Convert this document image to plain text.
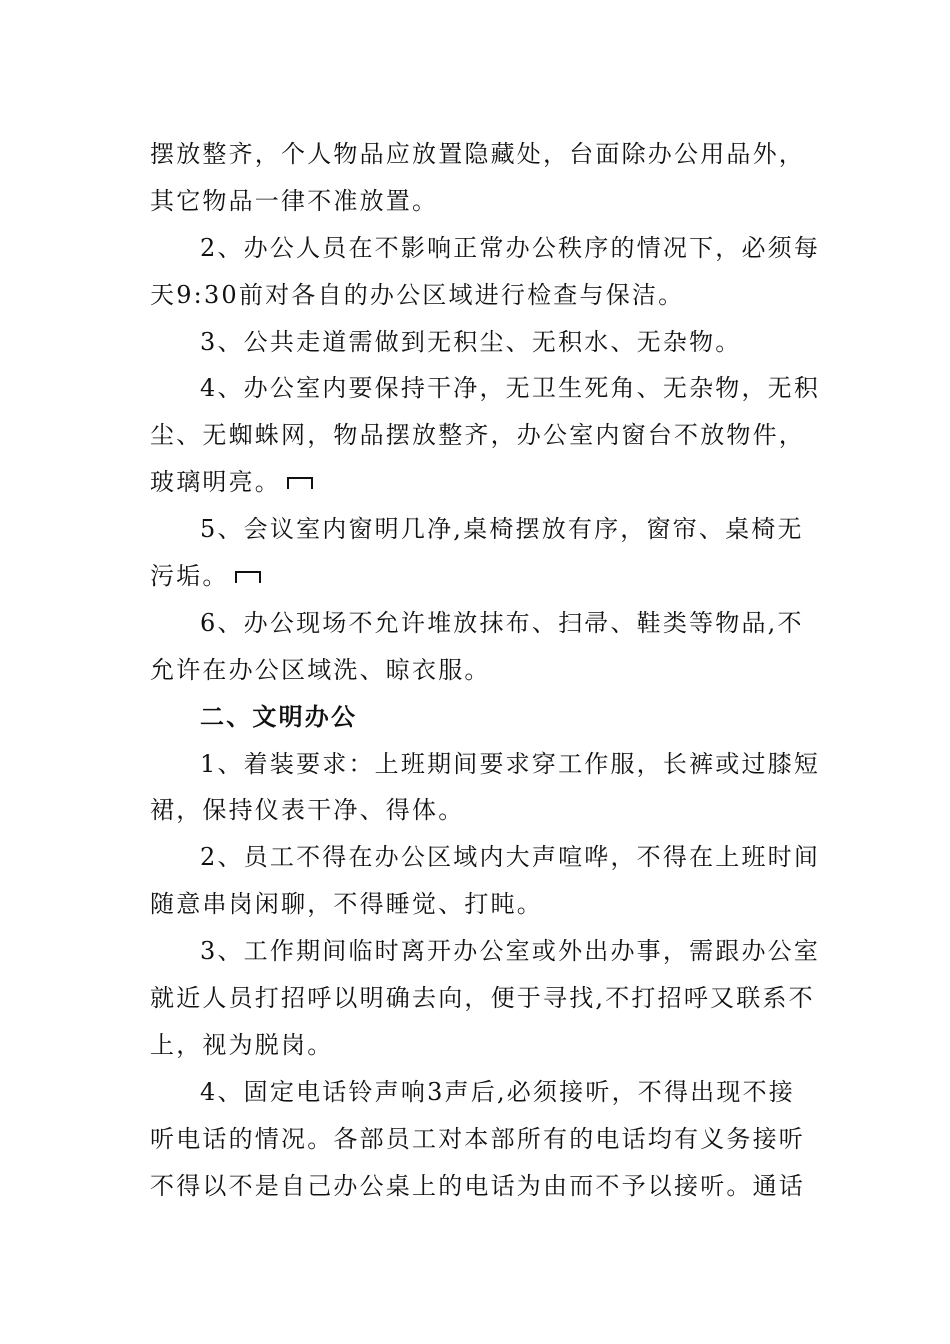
摆放整齐，个人物品应放置隐藏处，台面除办公用品外，
其它物品一律不准放置。
2、办公人员在不影响正常办公秩序的情况下，必须每
天9:30前对各自的办公区域进行检查与保洁。
3、公共走道需做到无积尘、无积水、无杂物。
4、办公室内要保持干净，无卫生死角、无杂物，无积
尘、无蜘蛛网，物品摆放整齐，办公室内窗台不放物件，
玻璃明亮。
5、会议室内窗明几净,桌椅摆放有序，窗帘、桌椅无
污垢。
6、办公现场不允许堆放抹布、扫帚、鞋类等物品,不
允许在办公区域洗、晾衣服。
二、文明办公
1、着装要求：上班期间要求穿工作服，长裤或过膝短
裙，保持仪表干净、得体。
2、员工不得在办公区域内大声喧哗，不得在上班时间
随意串岗闲聊，不得睡觉、打盹。
3、工作期间临时离开办公室或外出办事，需跟办公室
就近人员打招呼以明确去向，便于寻找,不打招呼又联系不
上，视为脱岗。
4、固定电话铃声响3声后,必须接听，不得出现不接
听电话的情况。各部员工对本部所有的电话均有义务接听
不得以不是自己办公桌上的电话为由而不予以接听。通话
